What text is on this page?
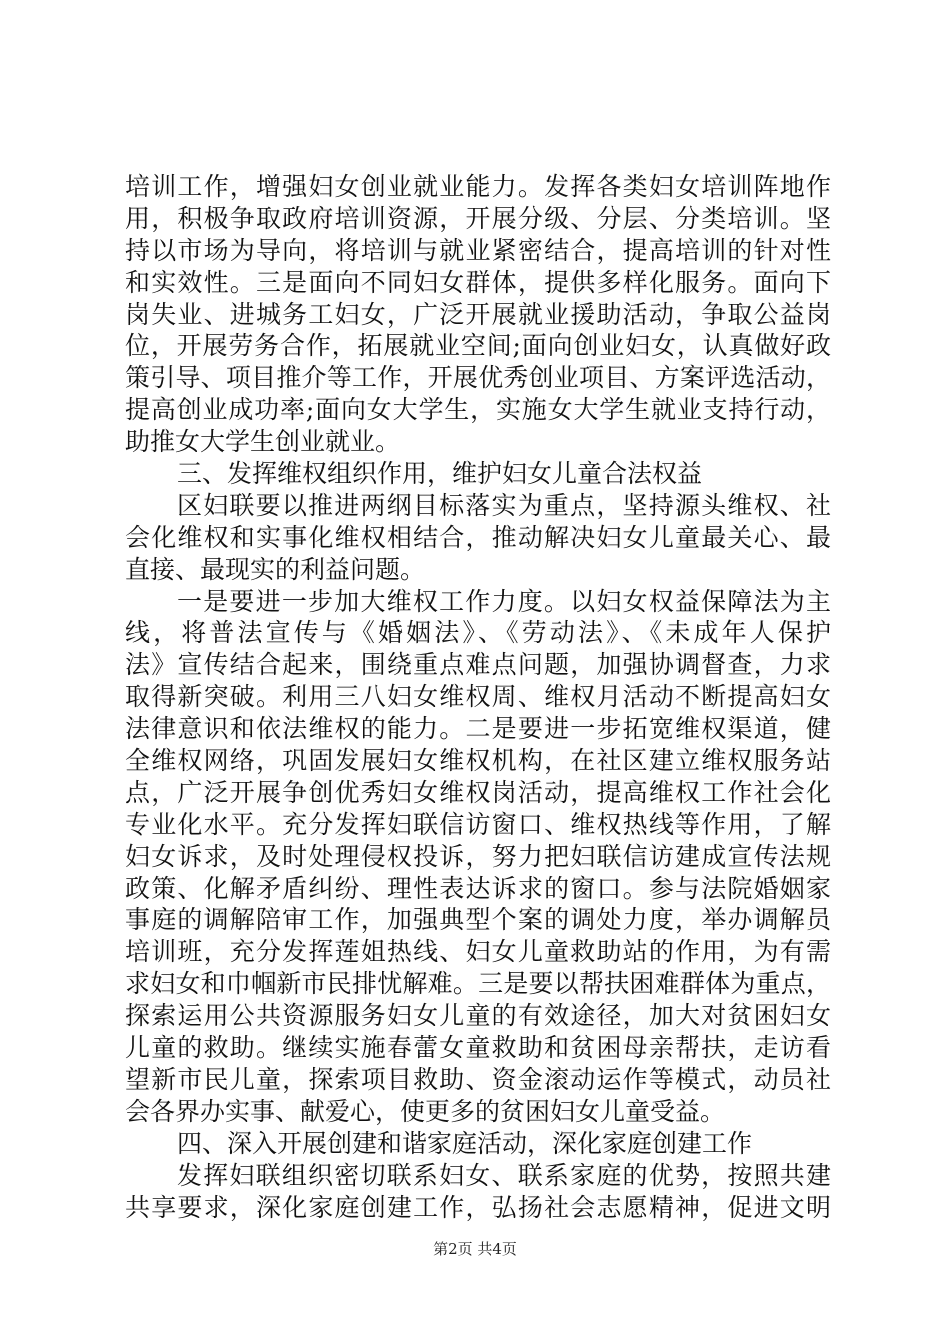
培训工作，增强妇女创业就业能力。发挥各类妇女培训阵地作
用，积极争取政府培训资源，开展分级、分层、分类培训。坚
持以市场为导向，将培训与就业紧密结合，提高培训的针对性
和实效性。三是面向不同妇女群体，提供多样化服务。面向下
岗失业、进城务工妇女，广泛开展就业援助活动，争取公益岗
位，开展劳务合作，拓展就业空间;面向创业妇女，认真做好政
策引导、项目推介等工作，开展优秀创业项目、方案评选活动，
提高创业成功率;面向女大学生，实施女大学生就业支持行动，
助推女大学生创业就业。
三、发挥维权组织作用，维护妇女儿童合法权益
区妇联要以推进两纲目标落实为重点，坚持源头维权、社
会化维权和实事化维权相结合，推动解决妇女儿童最关心、最
直接、最现实的利益问题。
一是要进一步加大维权工作力度。以妇女权益保障法为主
线，将普法宣传与《婚姻法》、《劳动法》、《未成年人保护
法》宣传结合起来，围绕重点难点问题，加强协调督查，力求
取得新突破。利用三八妇女维权周、维权月活动不断提高妇女
法律意识和依法维权的能力。二是要进一步拓宽维权渠道，健
全维权网络，巩固发展妇女维权机构，在社区建立维权服务站
点，广泛开展争创优秀妇女维权岗活动，提高维权工作社会化
专业化水平。充分发挥妇联信访窗口、维权热线等作用，了解
妇女诉求，及时处理侵权投诉，努力把妇联信访建成宣传法规
政策、化解矛盾纠纷、理性表达诉求的窗口。参与法院婚姻家
事庭的调解陪审工作，加强典型个案的调处力度，举办调解员
培训班，充分发挥莲姐热线、妇女儿童救助站的作用，为有需
求妇女和巾帼新市民排忧解难。三是要以帮扶困难群体为重点，
探索运用公共资源服务妇女儿童的有效途径，加大对贫困妇女
儿童的救助。继续实施春蕾女童救助和贫困母亲帮扶，走访看
望新市民儿童，探索项目救助、资金滚动运作等模式，动员社
会各界办实事、献爱心，使更多的贫困妇女儿童受益。
四、深入开展创建和谐家庭活动，深化家庭创建工作
发挥妇联组织密切联系妇女、联系家庭的优势，按照共建
共享要求，深化家庭创建工作，弘扬社会志愿精神，促进文明
第2页 共4页
